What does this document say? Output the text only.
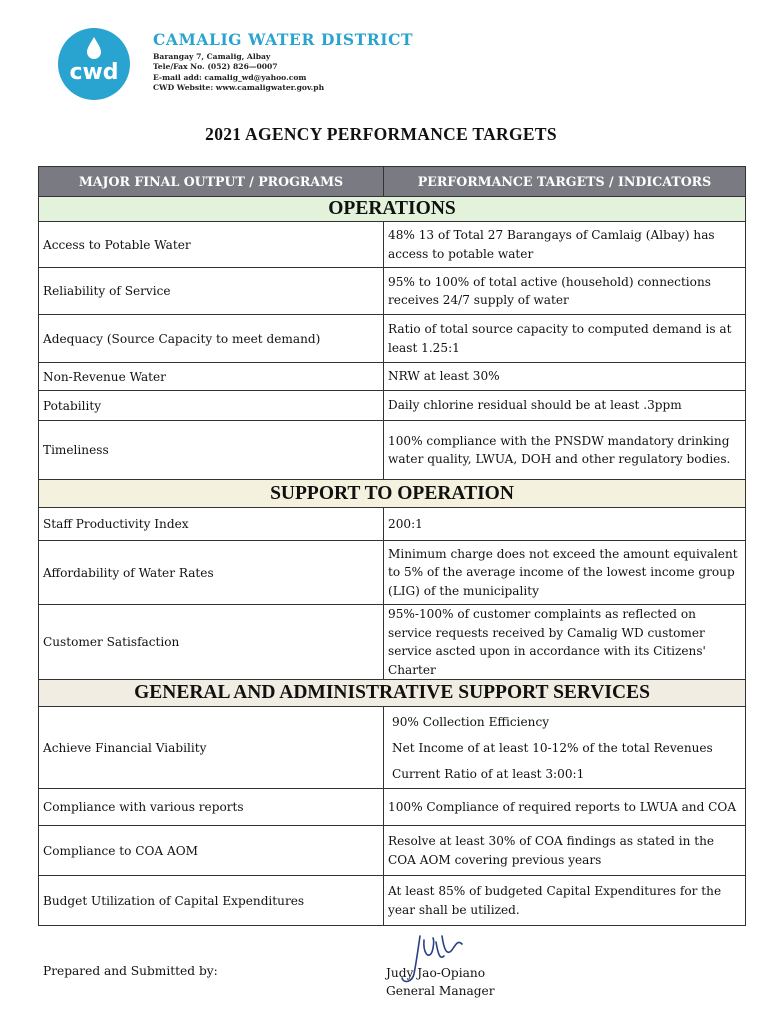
cwd
CAMALIG WATER DISTRICT
Barangay 7, Camalig, Albay
Tele/Fax No. (052) 826—0007
E-mail add: camalig_wd@yahoo.com
CWD Website: www.camaligwater.gov.ph
2021 AGENCY PERFORMANCE TARGETS
MAJOR FINAL OUTPUT / PROGRAMS	PERFORMANCE TARGETS / INDICATORS
OPERATIONS	
Access to Potable Water	48% 13 of Total 27 Barangays of Camlaig (Albay) has access to potable water
Reliability of Service	95% to 100% of total active (household) connections receives 24/7 supply of water
Adequacy (Source Capacity to meet demand)	Ratio of total source capacity to computed demand is at least 1.25:1
Non-Revenue Water	NRW at least 30%
Potability	Daily chlorine residual should be at least .3ppm
Timeliness	100% compliance with the PNSDW mandatory drinking water quality, LWUA, DOH and other regulatory bodies.
SUPPORT TO OPERATION	
Staff Productivity Index	200:1
Affordability of Water Rates	Minimum charge does not exceed the amount equivalent to 5% of the average income of the lowest income group (LIG) of the municipality
Customer Satisfaction	95%-100% of customer complaints as reflected on service requests received by Camalig WD customer service ascted upon in accordance with its Citizens' Charter
GENERAL AND ADMINISTRATIVE SUPPORT SERVICES	
Achieve Financial Viability	90% Collection Efficiency
Net Income of at least 10-12% of the total Revenues
Current Ratio of at least 3:00:1

Compliance with various reports	100% Compliance of required reports to LWUA and COA
Compliance to COA AOM	Resolve at least 30% of COA findings as stated in the COA AOM covering previous years
Budget Utilization of Capital Expenditures	At least 85% of budgeted Capital Expenditures for the year shall be utilized.
Prepared and Submitted by:	Judy Jao-Opiano
General Manager
